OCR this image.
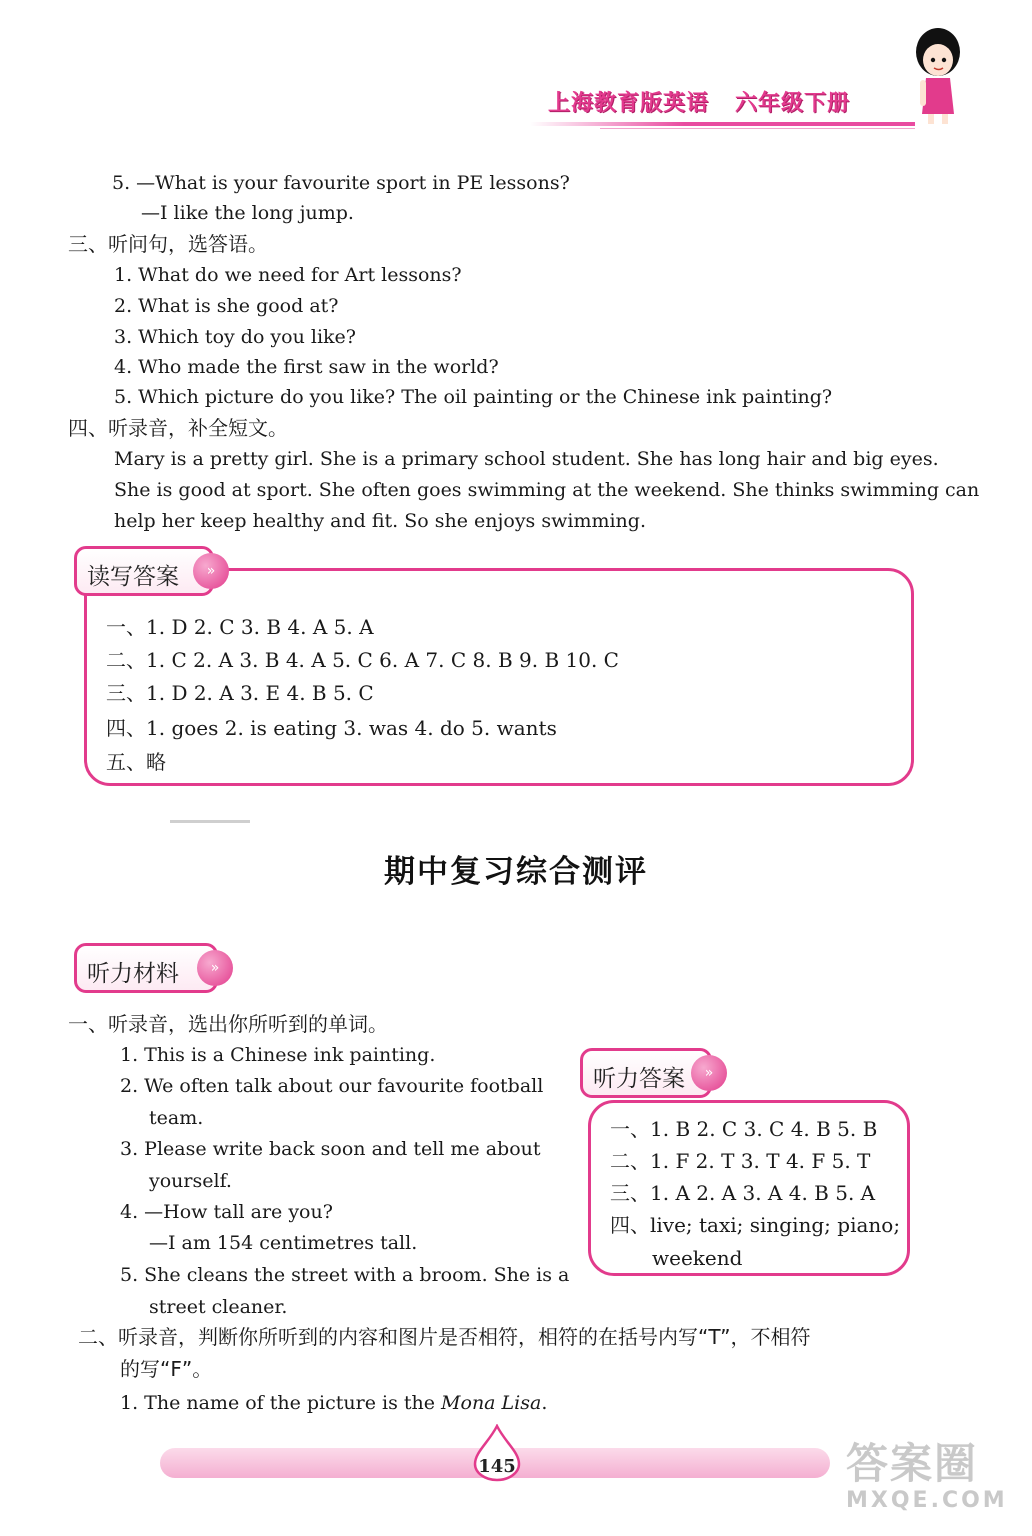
上海教育版英语 六年级下册
5. —What is your favourite sport in PE lessons?
—I like the long jump.
三、听问句，选答语。
1. What do we need for Art lessons?
2. What is she good at?
3. Which toy do you like?
4. Who made the first saw in the world?
5. Which picture do you like? The oil painting or the Chinese ink painting?
四、听录音，补全短文。
Mary is a pretty girl. She is a primary school student. She has long hair and big eyes.
She is good at sport. She often goes swimming at the weekend. She thinks swimming can
help her keep healthy and fit. So she enjoys swimming.
读写答案	»
一、1. D 2. C 3. B 4. A 5. A
二、1. C 2. A 3. B 4. A 5. C 6. A 7. C 8. B 9. B 10. C
三、1. D 2. A 3. E 4. B 5. C
四、1. goes 2. is eating 3. was 4. do 5. wants
五、略
期中复习综合测评
听力材料	»
一、听录音，选出你所听到的单词。
1. This is a Chinese ink painting.
2. We often talk about our favourite football
team.
3. Please write back soon and tell me about
yourself.
4. —How tall are you?
—I am 154 centimetres tall.
5. She cleans the street with a broom. She is a
street cleaner.
二、听录音，判断你所听到的内容和图片是否相符，相符的在括号内写“T”，不相符
的写“F”。
1. The name of the picture is the Mona Lisa.
听力答案	»
一、1. B 2. C 3. C 4. B 5. B
二、1. F 2. T 3. T 4. F 5. T
三、1. A 2. A 3. A 4. B 5. A
四、live; taxi; singing; piano;
weekend
145	答案圈
MXQE.COM
